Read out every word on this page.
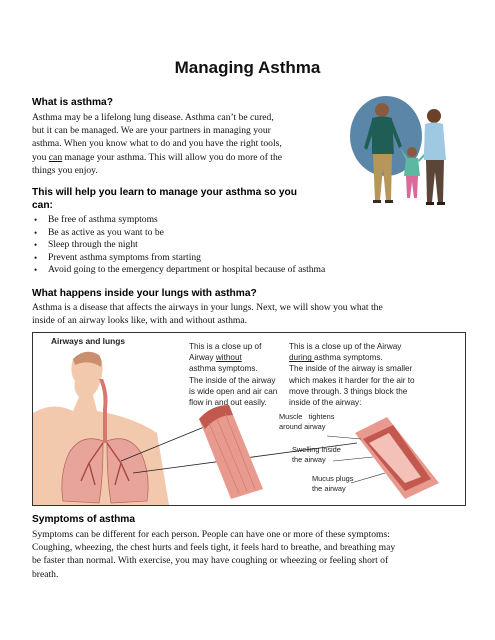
Managing Asthma
What is asthma?
Asthma may be a lifelong lung disease. Asthma can’t be cured,
but it can be managed. We are your partners in managing your
asthma. When you know what to do and you have the right tools,
you can manage your asthma. This will allow you do more of the
things you enjoy.
This will help you learn to manage your asthma so you
can:
• Be free of asthma symptoms
• Be as active as you want to be
• Sleep through the night
• Prevent asthma symptoms from starting
• Avoid going to the emergency department or hospital because of asthma
What happens inside your lungs with asthma?
Asthma is a disease that affects the airways in your lungs. Next, we will show you what the
inside of an airway looks like, with and without asthma.
Airways and lungs
This is a close up of
Airway without
asthma symptoms.
The inside of the airway
is wide open and air can
flow in and out easily.
This is a close up of the Airway
during asthma symptoms.
The inside of the airway is smaller
which makes it harder for the air to
move through. 3 things block the
inside of the airway:
Muscle   tightens
around airway
Swelling inside
the airway
Mucus plugs
the airway
Symptoms of asthma
Symptoms can be different for each person. People can have one or more of these symptoms:
Coughing, wheezing, the chest hurts and feels tight, it feels hard to breathe, and breathing may
be faster than normal. With exercise, you may have coughing or wheezing or feeling short of
breath.
